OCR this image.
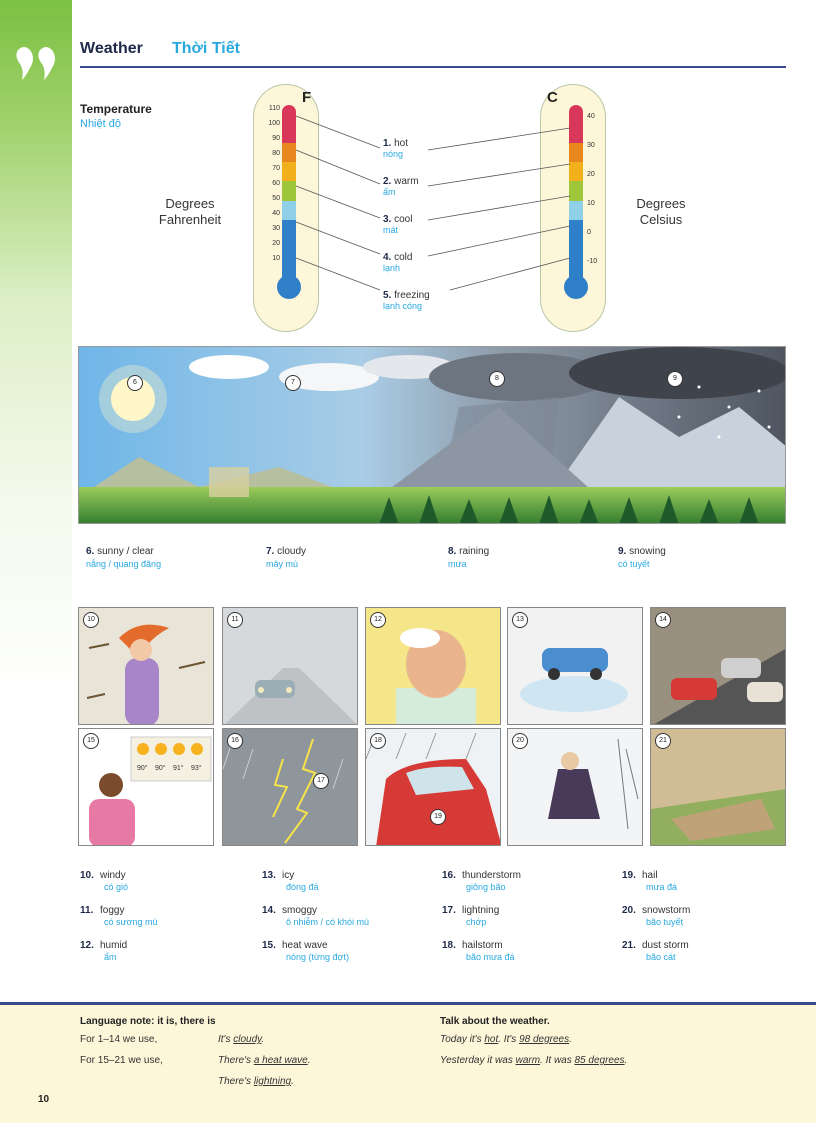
Weather Thời Tiết
Temperature
Nhiệt độ
Degrees Fahrenheit
Degrees Celsius
F
110
100
90
80
70
60
50
40
30
20
10
C
40
30
20
10
0
-10
1. hot
nóng
2. warm
ấm
3. cool
mát
4. cold
lạnh
5. freezing
lạnh cóng
6	7
8	9
6. sunny / clear
nắng / quang đãng
7. cloudy
mây mù
8. raining
mưa
9. snowing
có tuyết
10	11	12	13	14
15
90° 90° 91° 93°
16
17
18
19
20	21
10. windy
có gió
11. foggy
có sương mù
12. humid
ẩm
13. icy
đóng đá
14. smoggy
ô nhiễm / có khói mù
15. heat wave
nóng (từng đợt)
16. thunderstorm
giông bão
17. lightning
chớp
18. hailstorm
bão mưa đá
19. hail
mưa đá
20. snowstorm
bão tuyết
21. dust storm
bão cát
Language note: it is, there is
For 1–14 we use,	It's cloudy.
For 15–21 we use,	There's a heat wave.
There's lightning.
Talk about the weather.
Today it's hot. It's 98 degrees.
Yesterday it was warm. It was 85 degrees.
10
